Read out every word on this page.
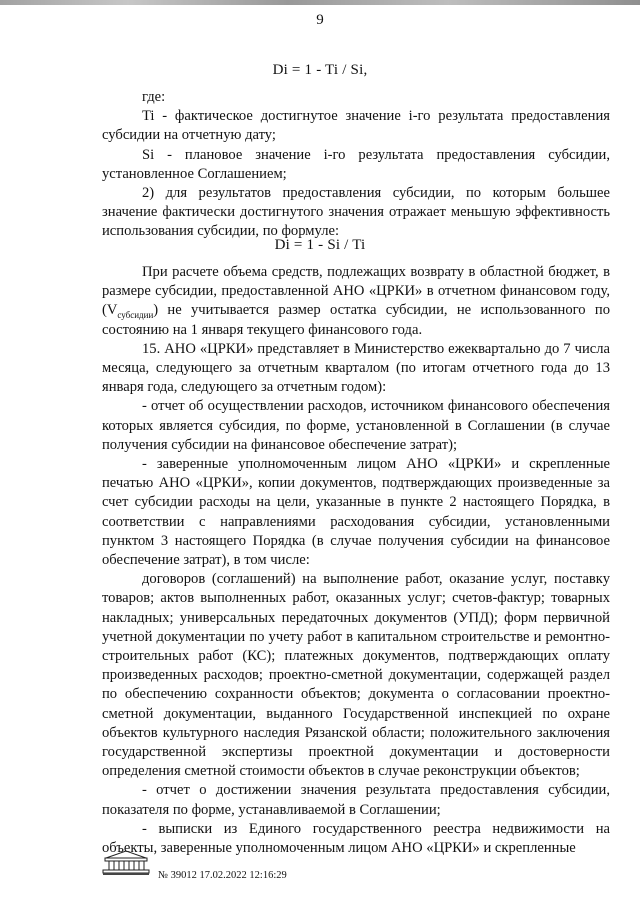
9
Di = 1 - Ti / Si,

где:

Ti - фактическое достигнутое значение i-го результата предоставления субсидии на отчетную дату;

Si - плановое значение i-го результата предоставления субсидии, установленное Соглашением;

2) для результатов предоставления субсидии, по которым большее значение фактически достигнутого значения отражает меньшую эффективность использования субсидии, по формуле:

Di = 1 - Si / Ti

При расчете объема средств, подлежащих возврату в областной бюджет, в размере субсидии, предоставленной АНО «ЦРКИ» в отчетном финансовом году, $(V_{субсидии})$ не учитывается размер остатка субсидии, не использованного по состоянию на 1 января текущего финансового года.

15. АНО «ЦРКИ» представляет в Министерство ежеквартально до 7 числа месяца, следующего за отчетным кварталом (по итогам отчетного года до 13 января года, следующего за отчетным годом):

- отчет об осуществлении расходов, источником финансового обеспечения которых является субсидия, по форме, установленной в Соглашении (в случае получения субсидии на финансовое обеспечение затрат);

- заверенные уполномоченным лицом АНО «ЦРКИ» и скрепленные печатью АНО «ЦРКИ», копии документов, подтверждающих произведенные за счет субсидии расходы на цели, указанные в пункте 2 настоящего Порядка, в соответствии с направлениями расходования субсидии, установленными пунктом 3 настоящего Порядка (в случае получения субсидии на финансовое обеспечение затрат), в том числе:

договоров (соглашений) на выполнение работ, оказание услуг, поставку товаров; актов выполненных работ, оказанных услуг; счетов-фактур; товарных накладных; универсальных передаточных документов (УПД); форм первичной учетной документации по учету работ в капитальном строительстве и ремонтно-строительных работ (КС); платежных документов, подтверждающих оплату произведенных расходов; проектно-сметной документации, содержащей раздел по обеспечению сохранности объектов; документа о согласовании проектно-сметной документации, выданного Государственной инспекцией по охране объектов культурного наследия Рязанской области; положительного заключения государственной экспертизы проектной документации и достоверности определения сметной стоимости объектов в случае реконструкции объектов;

- отчет о достижении значения результата предоставления субсидии, показателя по форме, устанавливаемой в Соглашении;

- выписки из Единого государственного реестра недвижимости на объекты, заверенные уполномоченным лицом АНО «ЦРКИ» и скрепленные

№ 39012 17.02.2022 12:16:29
